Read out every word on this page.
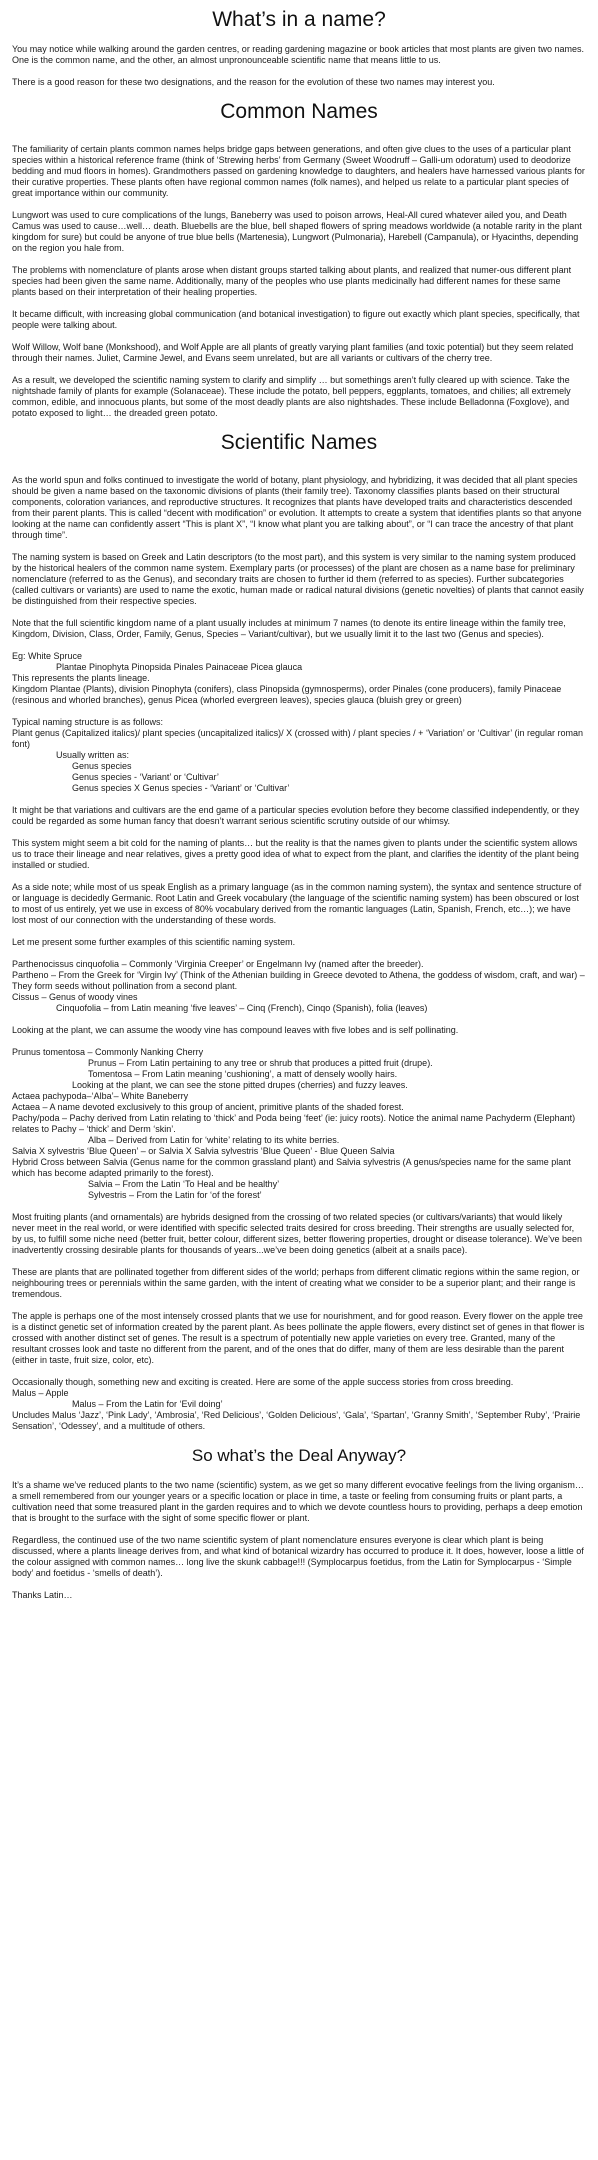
What’s in a name?

You may notice while walking around the garden centres, or reading gardening magazine or book articles that most plants are given two names. One is the common name, and the other, an almost unpronounceable scientific name that means little to us.

There is a good reason for these two designations, and the reason for the evolution of these two names may interest you.

Common Names

The familiarity of certain plants common names helps bridge gaps between generations, and often give clues to the uses of a particular plant species within a historical reference frame (think of ‘Strewing herbs’ from Germany (Sweet Woodruff – Galli-um odoratum) used to deodorize bedding and mud floors in homes). Grandmothers passed on gardening knowledge to daughters, and healers have harnessed various plants for their curative properties. These plants often have regional common names (folk names), and helped us relate to a particular plant species of great importance within our community.

Lungwort was used to cure complications of the lungs, Baneberry was used to poison arrows, Heal-All cured whatever ailed you, and Death Camus was used to cause…well… death. Bluebells are the blue, bell shaped flowers of spring meadows worldwide (a notable rarity in the plant kingdom for sure) but could be anyone of true blue bells (Martenesia), Lungwort (Pulmonaria), Harebell (Campanula), or Hyacinths, depending on the region you hale from.

The problems with nomenclature of plants arose when distant groups started talking about plants, and realized that numer-ous different plant species had been given the same name. Additionally, many of the peoples who use plants medicinally had different names for these same plants based on their interpretation of their healing properties.

It became difficult, with increasing global communication (and botanical investigation) to figure out exactly which plant species, specifically, that people were talking about.

Wolf Willow, Wolf bane (Monkshood), and Wolf Apple are all plants of greatly varying plant families (and toxic potential) but they seem related through their names. Juliet, Carmine Jewel, and Evans seem unrelated, but are all variants or cultivars of the cherry tree.

As a result, we developed the scientific naming system to clarify and simplify … but somethings aren’t fully cleared up with science. Take the nightshade family of plants for example (Solanaceae). These include the potato, bell peppers, eggplants, tomatoes, and chilies; all extremely common, edible, and innocuous plants, but some of the most deadly plants are also nightshades. These include Belladonna (Foxglove), and potato exposed to light… the dreaded green potato.

Scientific Names

As the world spun and folks continued to investigate the world of botany, plant physiology, and hybridizing, it was decided that all plant species should be given a name based on the taxonomic divisions of plants (their family tree). Taxonomy classifies plants based on their structural components, coloration variances, and reproductive structures. It recognizes that plants have developed traits and characteristics descended from their parent plants. This is called “decent with modification” or evolution. It attempts to create a system that identifies plants so that anyone looking at the name can confidently assert “This is plant X”, “I know what plant you are talking about”, or “I can trace the ancestry of that plant through time”.

The naming system is based on Greek and Latin descriptors (to the most part), and this system is very similar to the naming system produced by the historical healers of the common name system. Exemplary parts (or processes) of the plant are chosen as a name base for preliminary nomenclature (referred to as the Genus), and secondary traits are chosen to further id them (referred to as species). Further subcategories (called cultivars or variants) are used to name the exotic, human made or radical natural divisions (genetic novelties) of plants that cannot easily be distinguished from their respective species.

Note that the full scientific kingdom name of a plant usually includes at minimum 7 names (to denote its entire lineage within the family tree, Kingdom, Division, Class, Order, Family, Genus, Species – Variant/cultivar), but we usually limit it to the last two (Genus and species).

Eg: White Spruce
Plantae Pinophyta Pinopsida Pinales Painaceae Picea glauca
This represents the plants lineage.
Kingdom Plantae (Plants), division Pinophyta (conifers), class Pinopsida (gymnosperms), order Pinales (cone producers), family Pinaceae (resinous and whorled branches), genus Picea (whorled evergreen leaves), species glauca (bluish grey or green)
Typical naming structure is as follows:
Plant genus (Capitalized italics)/ plant species (uncapitalized italics)/ X (crossed with) / plant species / + ‘Variation’ or ‘Cultivar’ (in regular roman font)
Usually written as:
Genus species
Genus species - ‘Variant’ or ‘Cultivar’
Genus species X Genus species - ‘Variant’ or ‘Cultivar’

It might be that variations and cultivars are the end game of a particular species evolution before they become classified independently, or they could be regarded as some human fancy that doesn’t warrant serious scientific scrutiny outside of our whimsy.

This system might seem a bit cold for the naming of plants… but the reality is that the names given to plants under the scientific system allows us to trace their lineage and near relatives, gives a pretty good idea of what to expect from the plant, and clarifies the identity of the plant being installed or studied.

As a side note; while most of us speak English as a primary language (as in the common naming system), the syntax and sentence structure of or language is decidedly Germanic. Root Latin and Greek vocabulary (the language of the scientific naming system) has been obscured or lost to most of us entirely, yet we use in excess of 80% vocabulary derived from the romantic languages (Latin, Spanish, French, etc…); we have lost most of our connection with the understanding of these words.

Let me present some further examples of this scientific naming system.

Parthenocissus cinquofolia – Commonly ‘Virginia Creeper’ or Engelmann Ivy (named after the breeder).
Partheno – From the Greek for ‘Virgin Ivy’ (Think of the Athenian building in Greece devoted to Athena, the goddess of wisdom, craft, and war) –They form seeds without pollination from a second plant.
Cissus – Genus of woody vines
Cinquofolia – from Latin meaning ‘five leaves’ – Cinq (French), Cinqo (Spanish), folia (leaves)

Looking at the plant, we can assume the woody vine has compound leaves with five lobes and is self pollinating.

Prunus tomentosa – Commonly Nanking Cherry
Prunus – From Latin pertaining to any tree or shrub that produces a pitted fruit (drupe).
Tomentosa – From Latin meaning ‘cushioning’, a matt of densely woolly hairs.
Looking at the plant, we can see the stone pitted drupes (cherries) and fuzzy leaves.
Actaea pachypoda–‘Alba’– White Baneberry
Actaea – A name devoted exclusively to this group of ancient, primitive plants of the shaded forest.
Pachy/poda – Pachy derived from Latin relating to ‘thick’ and Poda being ‘feet’ (ie: juicy roots). Notice the animal name Pachyderm (Elephant) relates to Pachy – ‘thick’ and Derm ‘skin’.
Alba – Derived from Latin for ‘white’ relating to its white berries.
Salvia X sylvestris ‘Blue Queen’ – or Salvia X Salvia sylvestris ‘Blue Queen’ - Blue Queen Salvia
Hybrid Cross between Salvia (Genus name for the common grassland plant) and Salvia sylvestris (A genus/species name for the same plant which has become adapted primarily to the forest).
Salvia – From the Latin ‘To Heal and be healthy’
Sylvestris – From the Latin for ‘of the forest’

Most fruiting plants (and ornamentals) are hybrids designed from the crossing of two related species (or cultivars/variants) that would likely never meet in the real world, or were identified with specific selected traits desired for cross breeding. Their strengths are usually selected for, by us, to fulfill some niche need (better fruit, better colour, different sizes, better flowering properties, drought or disease tolerance). We’ve been inadvertently crossing desirable plants for thousands of years...we’ve been doing genetics (albeit at a snails pace).

These are plants that are pollinated together from different sides of the world; perhaps from different climatic regions within the same region, or neighbouring trees or perennials within the same garden, with the intent of creating what we consider to be a superior plant; and their range is tremendous.

The apple is perhaps one of the most intensely crossed plants that we use for nourishment, and for good reason. Every flower on the apple tree is a distinct genetic set of information created by the parent plant. As bees pollinate the apple flowers, every distinct set of genes in that flower is crossed with another distinct set of genes. The result is a spectrum of potentially new apple varieties on every tree. Granted, many of the resultant crosses look and taste no different from the parent, and of the ones that do differ, many of them are less desirable than the parent (either in taste, fruit size, color, etc).

Occasionally though, something new and exciting is created. Here are some of the apple success stories from cross breeding.
Malus – Apple
Malus – From the Latin for ‘Evil doing’
Uncludes Malus ‘Jazz’, ‘Pink Lady’, ‘Ambrosia’, ‘Red Delicious’, ‘Golden Delicious’, ‘Gala’, ‘Spartan’, ‘Granny Smith’, ‘September Ruby’, ‘Prairie Sensation’, ‘Odessey’, and a multitude of others.
So what’s the Deal Anyway?

It’s a shame we’ve reduced plants to the two name (scientific) system, as we get so many different evocative feelings from the living organism… a smell remembered from our younger years or a specific location or place in time, a taste or feeling from consuming fruits or plant parts, a cultivation need that some treasured plant in the garden requires and to which we devote countless hours to providing, perhaps a deep emotion that is brought to the surface with the sight of some specific flower or plant.

Regardless, the continued use of the two name scientific system of plant nomenclature ensures everyone is clear which plant is being discussed, where a plants lineage derives from, and what kind of botanical wizardry has occurred to produce it. It does, however, loose a little of the colour assigned with common names… long live the skunk cabbage!!! (Symplocarpus foetidus, from the Latin for Symplocarpus - ‘Simple body’ and foetidus - ‘smells of death’).

Thanks Latin…
